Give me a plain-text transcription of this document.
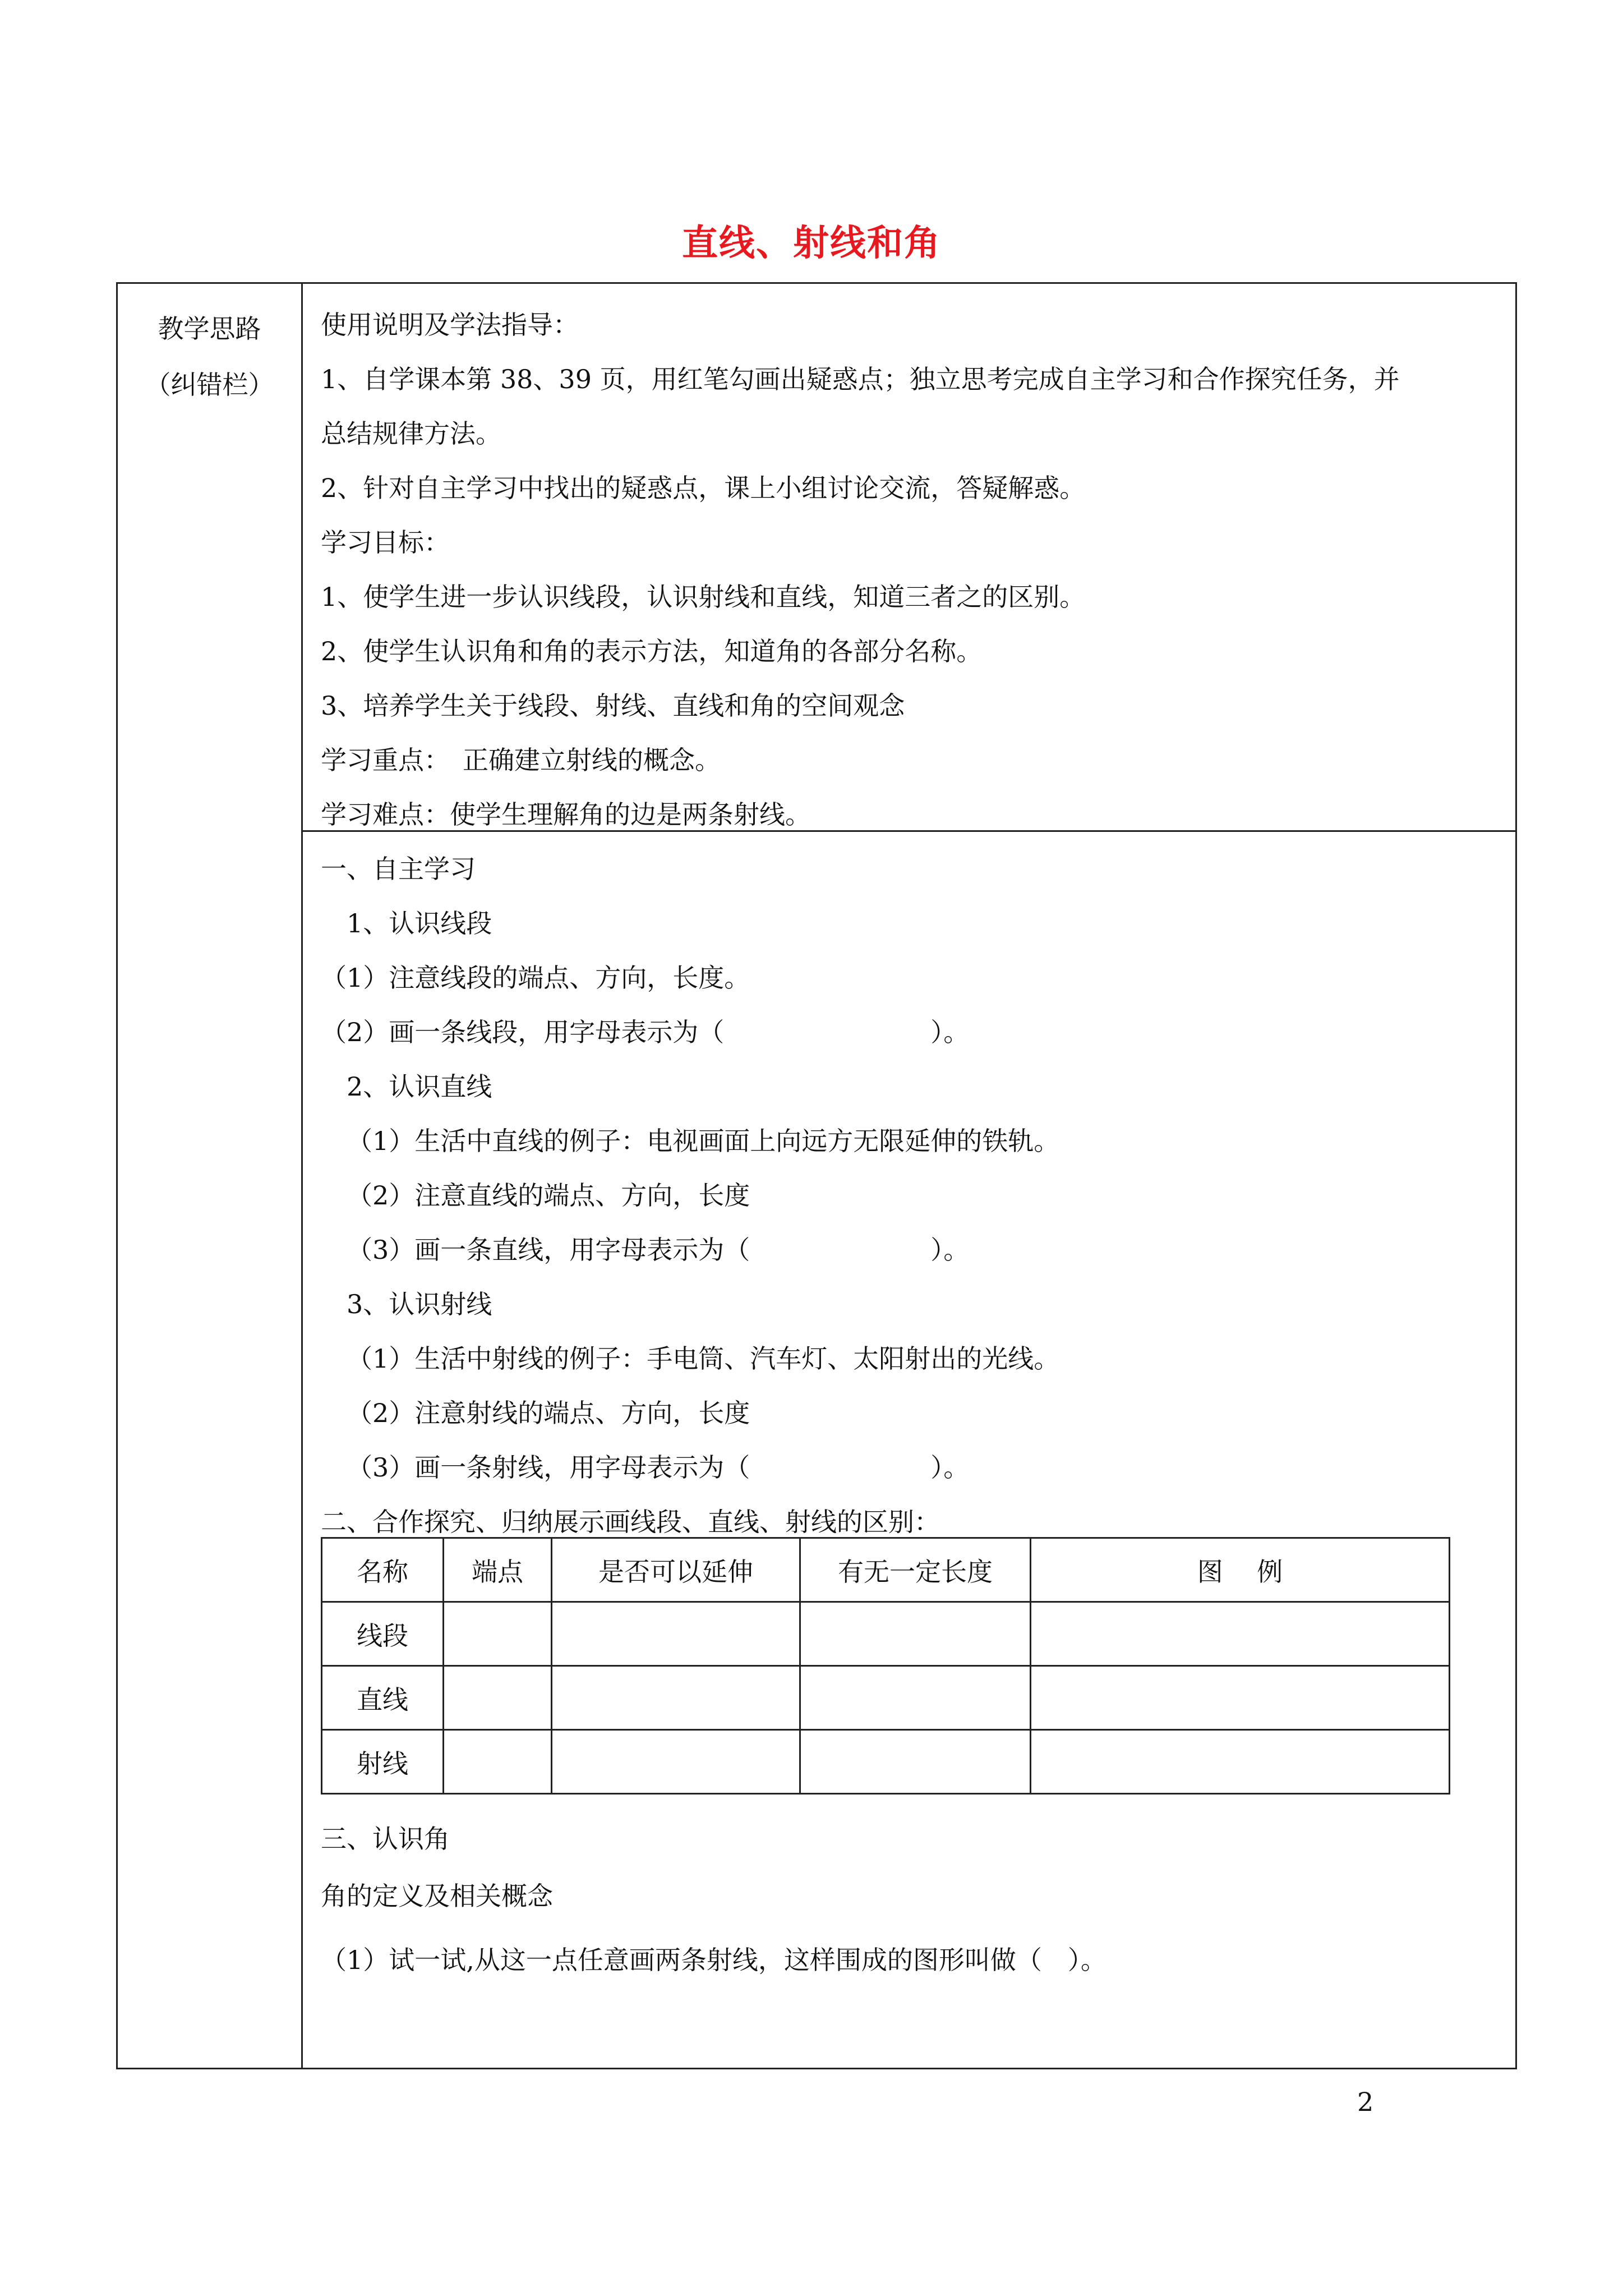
直线、射线和角
教学思路
（纠错栏）
使用说明及学法指导：
1、自学课本第 38、39 页，用红笔勾画出疑惑点；独立思考完成自主学习和合作探究任务，并
总结规律方法。
2、针对自主学习中找出的疑惑点，课上小组讨论交流，答疑解惑。
学习目标：
1、使学生进一步认识线段，认识射线和直线，知道三者之的区别。
2、使学生认识角和角的表示方法，知道角的各部分名称。
3、培养学生关于线段、射线、直线和角的空间观念
学习重点：　正确建立射线的概念。
学习难点：使学生理解角的边是两条射线。
一、自主学习
1、认识线段
（1）注意线段的端点、方向，长度。
（2）画一条线段，用字母表示为（　　　　　　　　）。
2、认识直线
（1）生活中直线的例子：电视画面上向远方无限延伸的铁轨。
（2）注意直线的端点、方向，长度
（3）画一条直线，用字母表示为（　　　　　　　）。
3、认识射线
（1）生活中射线的例子：手电筒、汽车灯、太阳射出的光线。
（2）注意射线的端点、方向，长度
（3）画一条射线，用字母表示为（　　　　　　　）。
二、合作探究、归纳展示画线段、直线、射线的区别：
名称	端点	是否可以延伸	有无一定长度	图　 例
线段				
直线				
射线				
三、认识角
角的定义及相关概念
（1）试一试,从这一点任意画两条射线，这样围成的图形叫做（　）。
2
